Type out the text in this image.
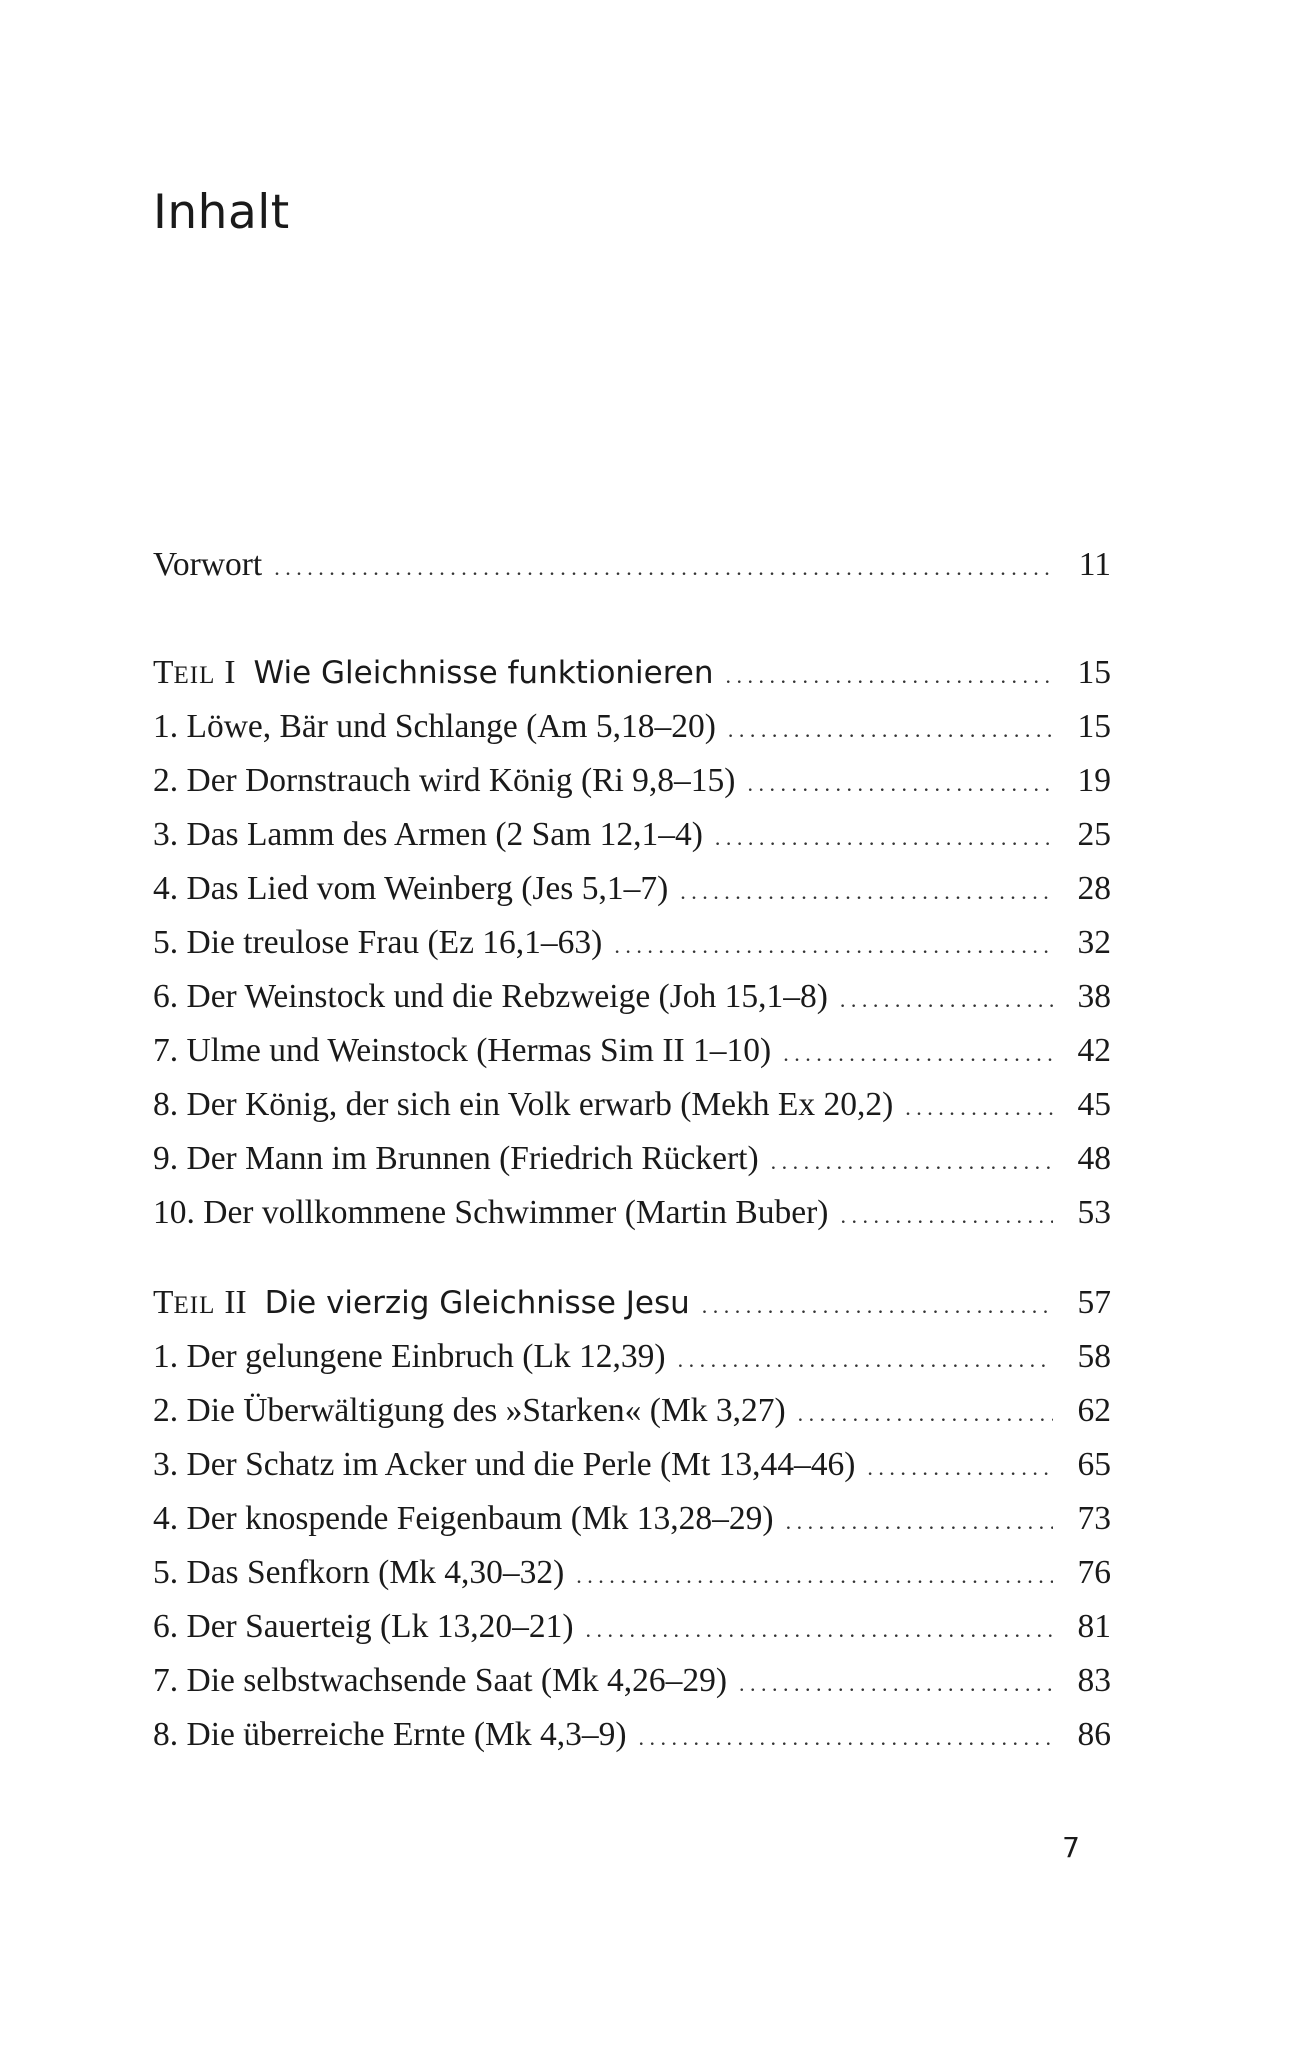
Inhalt
Vorwort .....	11
TEIL I Wie Gleichnisse funktionieren .....	15
1. Löwe, Bär und Schlange (Am 5,18–20) .....	15
2. Der Dornstrauch wird König (Ri 9,8–15) .....	19
3. Das Lamm des Armen (2 Sam 12,1–4) .....	25
4. Das Lied vom Weinberg (Jes 5,1–7) .....	28
5. Die treulose Frau (Ez 16,1–63) .....	32
6. Der Weinstock und die Rebzweige (Joh 15,1–8) .....	38
7. Ulme und Weinstock (Hermas Sim II 1–10) .....	42
8. Der König, der sich ein Volk erwarb (Mekh Ex 20,2) .....	45
9. Der Mann im Brunnen (Friedrich Rückert) .....	48
10. Der vollkommene Schwimmer (Martin Buber) .....	53
TEIL II Die vierzig Gleichnisse Jesu .....	57
1. Der gelungene Einbruch (Lk 12,39) .....	58
2. Die Überwältigung des »Starken« (Mk 3,27) .....	62
3. Der Schatz im Acker und die Perle (Mt 13,44–46) .....	65
4. Der knospende Feigenbaum (Mk 13,28–29) .....	73
5. Das Senfkorn (Mk 4,30–32) .....	76
6. Der Sauerteig (Lk 13,20–21) .....	81
7. Die selbstwachsende Saat (Mk 4,26–29) .....	83
8. Die überreiche Ernte (Mk 4,3–9) .....	86
7
